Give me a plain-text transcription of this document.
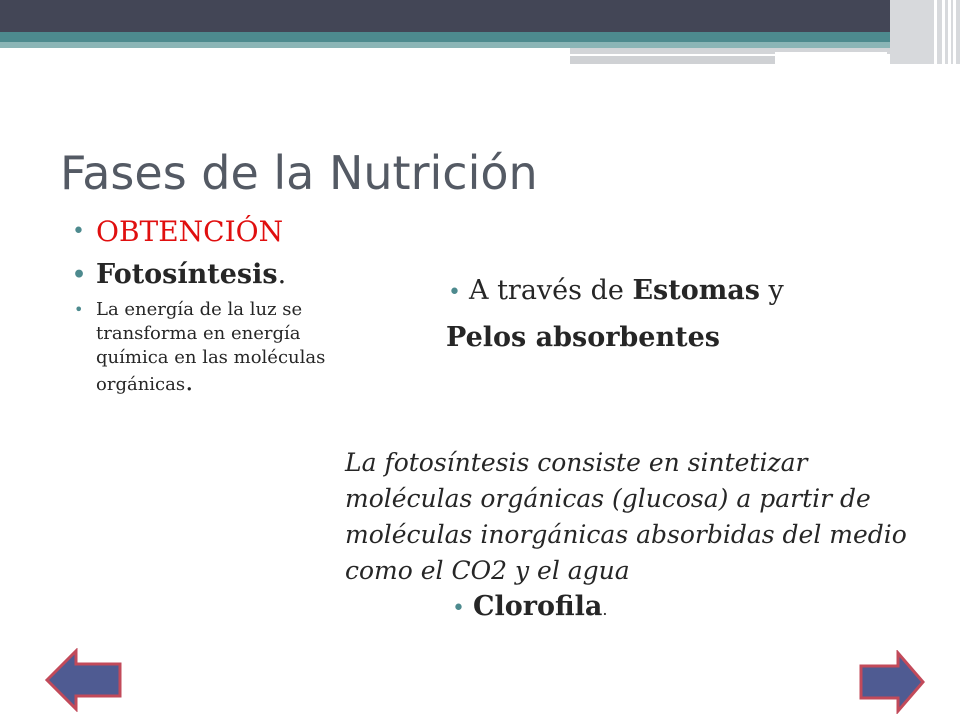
Fases de la Nutrición
• OBTENCIÓN
• Fotosíntesis.
• La energía de la luz se transforma en energía química en las moléculas orgánicas.
• A través de Estomas y
Pelos absorbentes

La fotosíntesis consiste en sintetizar moléculas orgánicas (glucosa) a partir de moléculas inorgánicas absorbidas del medio como el CO2 y el agua

• Clorofila.
